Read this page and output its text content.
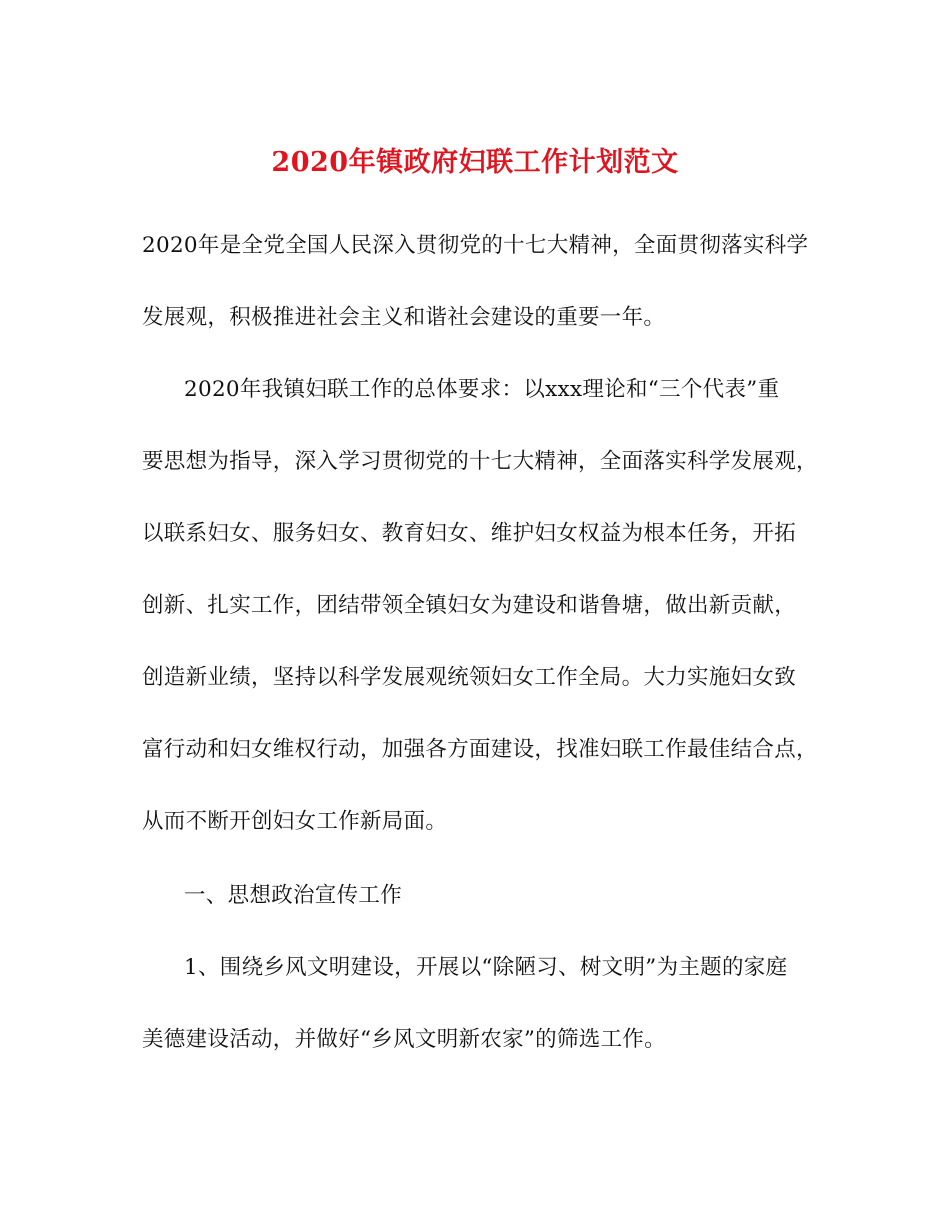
2020年镇政府妇联工作计划范文
2020年是全党全国人民深入贯彻党的十七大精神，全面贯彻落实科学
发展观，积极推进社会主义和谐社会建设的重要一年。
2020年我镇妇联工作的总体要求：以xxx理论和“三个代表”重
要思想为指导，深入学习贯彻党的十七大精神，全面落实科学发展观，
以联系妇女、服务妇女、教育妇女、维护妇女权益为根本任务，开拓
创新、扎实工作，团结带领全镇妇女为建设和谐鲁塘，做出新贡献，
创造新业绩，坚持以科学发展观统领妇女工作全局。大力实施妇女致
富行动和妇女维权行动，加强各方面建设，找准妇联工作最佳结合点，
从而不断开创妇女工作新局面。
一、思想政治宣传工作
1、围绕乡风文明建设，开展以“除陋习、树文明”为主题的家庭
美德建设活动，并做好“乡风文明新农家”的筛选工作。
